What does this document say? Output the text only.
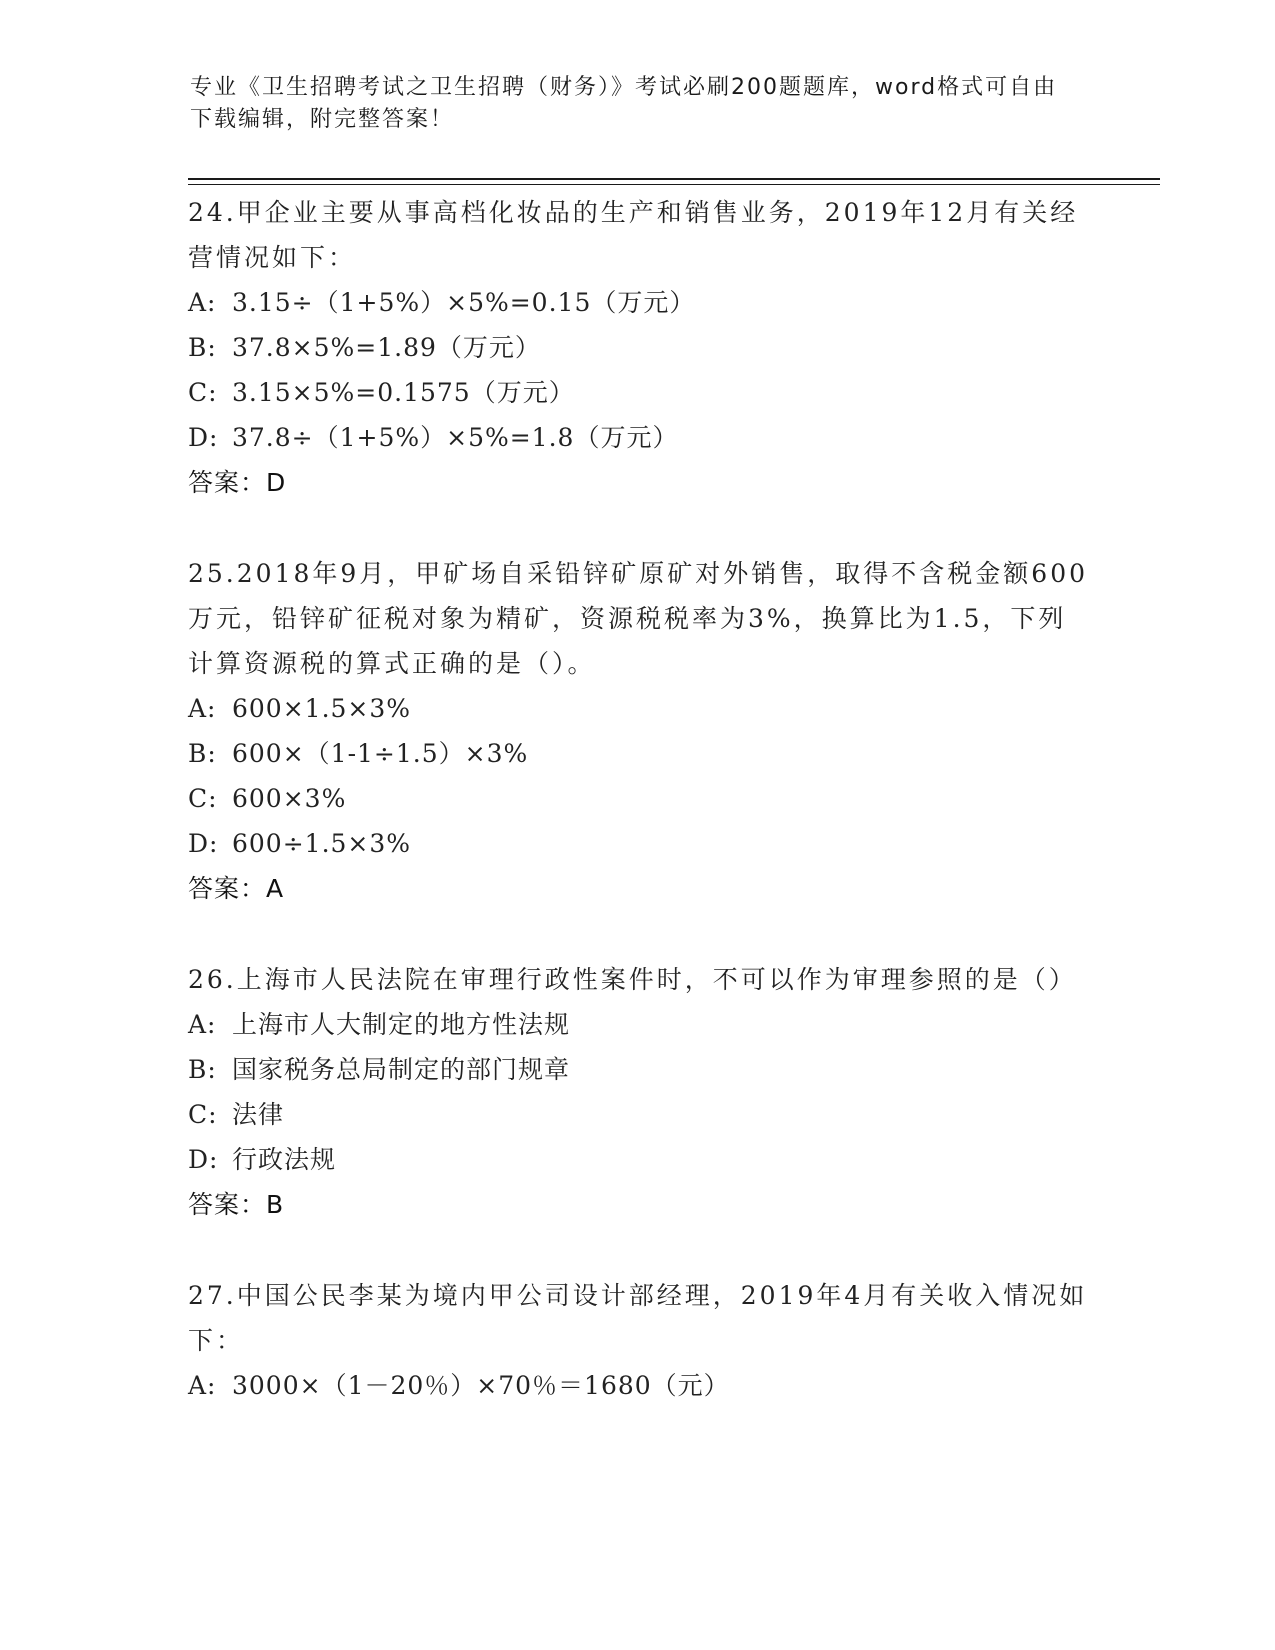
专业《卫生招聘考试之卫生招聘（财务）》考试必刷200题题库，word格式可自由下载编辑，附完整答案！
24.甲企业主要从事高档化妆品的生产和销售业务，2019年12月有关经营情况如下：
A: 3.15÷（1+5%）×5%=0.15（万元）
B: 37.8×5%=1.89（万元）
C: 3.15×5%=0.1575（万元）
D: 37.8÷（1+5%）×5%=1.8（万元）
答案：D
25.2018年9月，甲矿场自采铅锌矿原矿对外销售，取得不含税金额600万元，铅锌矿征税对象为精矿，资源税税率为3%，换算比为1.5，下列计算资源税的算式正确的是（）。
A: 600×1.5×3%
B: 600×（1-1÷1.5）×3%
C: 600×3%
D: 600÷1.5×3%
答案：A
26.上海市人民法院在审理行政性案件时，不可以作为审理参照的是（）
A: 上海市人大制定的地方性法规
B: 国家税务总局制定的部门规章
C: 法律
D: 行政法规
答案：B
27.中国公民李某为境内甲公司设计部经理，2019年4月有关收入情况如下：
A: 3000×（1－20％）×70％＝1680（元）
